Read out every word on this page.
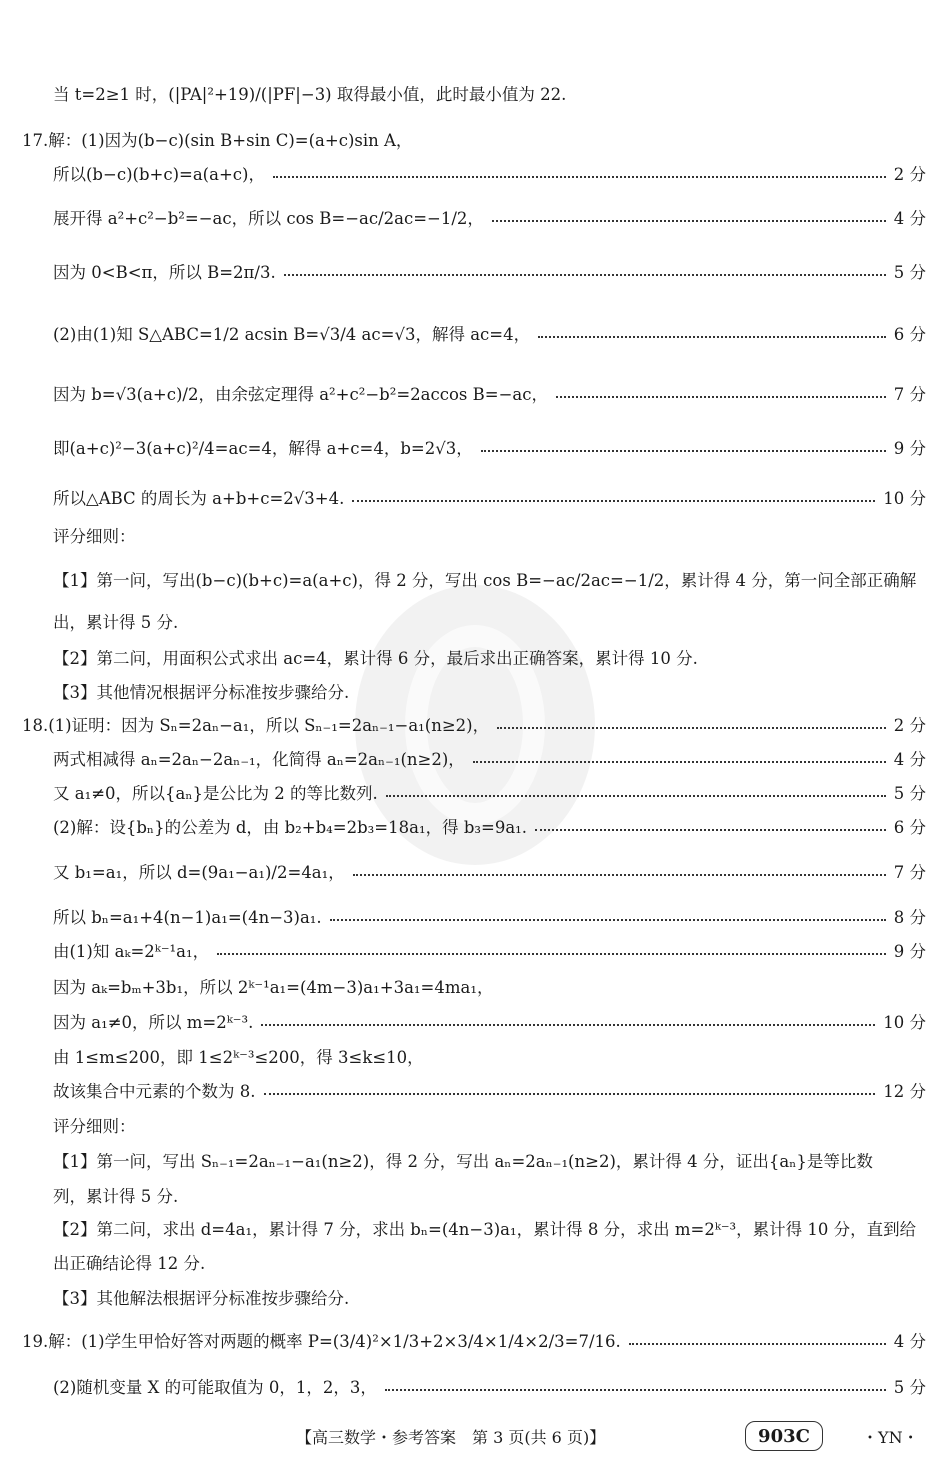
当 t=2≥1 时，(|PA|²+19)/(|PF|−3) 取得最小值，此时最小值为 22.
17.解：(1)因为(b−c)(sin B+sin C)=(a+c)sin A，
所以(b−c)(b+c)=a(a+c)，	2 分
展开得 a²+c²−b²=−ac，所以 cos B=−ac/2ac=−1/2，	4 分
因为 0<B<π，所以 B=2π/3.	5 分
(2)由(1)知 S△ABC=1/2 acsin B=√3/4 ac=√3，解得 ac=4，	6 分
因为 b=√3(a+c)/2，由余弦定理得 a²+c²−b²=2accos B=−ac，	7 分
即(a+c)²−3(a+c)²/4=ac=4，解得 a+c=4，b=2√3，	9 分
所以△ABC 的周长为 a+b+c=2√3+4.	10 分
评分细则：
【1】第一问，写出(b−c)(b+c)=a(a+c)，得 2 分，写出 cos B=−ac/2ac=−1/2，累计得 4 分，第一问全部正确解
出，累计得 5 分.
【2】第二问，用面积公式求出 ac=4，累计得 6 分，最后求出正确答案，累计得 10 分.
【3】其他情况根据评分标准按步骤给分.
18.(1)证明：因为 Sₙ=2aₙ−a₁，所以 Sₙ₋₁=2aₙ₋₁−a₁(n≥2)，	2 分
两式相减得 aₙ=2aₙ−2aₙ₋₁，化简得 aₙ=2aₙ₋₁(n≥2)，	4 分
又 a₁≠0，所以{aₙ}是公比为 2 的等比数列.	5 分
(2)解：设{bₙ}的公差为 d，由 b₂+b₄=2b₃=18a₁，得 b₃=9a₁.	6 分
又 b₁=a₁，所以 d=(9a₁−a₁)/2=4a₁，	7 分
所以 bₙ=a₁+4(n−1)a₁=(4n−3)a₁.	8 分
由(1)知 aₖ=2ᵏ⁻¹a₁，	9 分
因为 aₖ=bₘ+3b₁，所以 2ᵏ⁻¹a₁=(4m−3)a₁+3a₁=4ma₁，
因为 a₁≠0，所以 m=2ᵏ⁻³.	10 分
由 1≤m≤200，即 1≤2ᵏ⁻³≤200，得 3≤k≤10，
故该集合中元素的个数为 8.	12 分
评分细则：
【1】第一问，写出 Sₙ₋₁=2aₙ₋₁−a₁(n≥2)，得 2 分，写出 aₙ=2aₙ₋₁(n≥2)，累计得 4 分，证出{aₙ}是等比数
列，累计得 5 分.
【2】第二问，求出 d=4a₁，累计得 7 分，求出 bₙ=(4n−3)a₁，累计得 8 分，求出 m=2ᵏ⁻³，累计得 10 分，直到给
出正确结论得 12 分.
【3】其他解法根据评分标准按步骤给分.
19.解：(1)学生甲恰好答对两题的概率 P=(3/4)²×1/3+2×3/4×1/4×2/3=7/16.	4 分
(2)随机变量 X 的可能取值为 0，1，2，3，	5 分
【高三数学・参考答案　第 3 页(共 6 页)】	・YN・
903C
